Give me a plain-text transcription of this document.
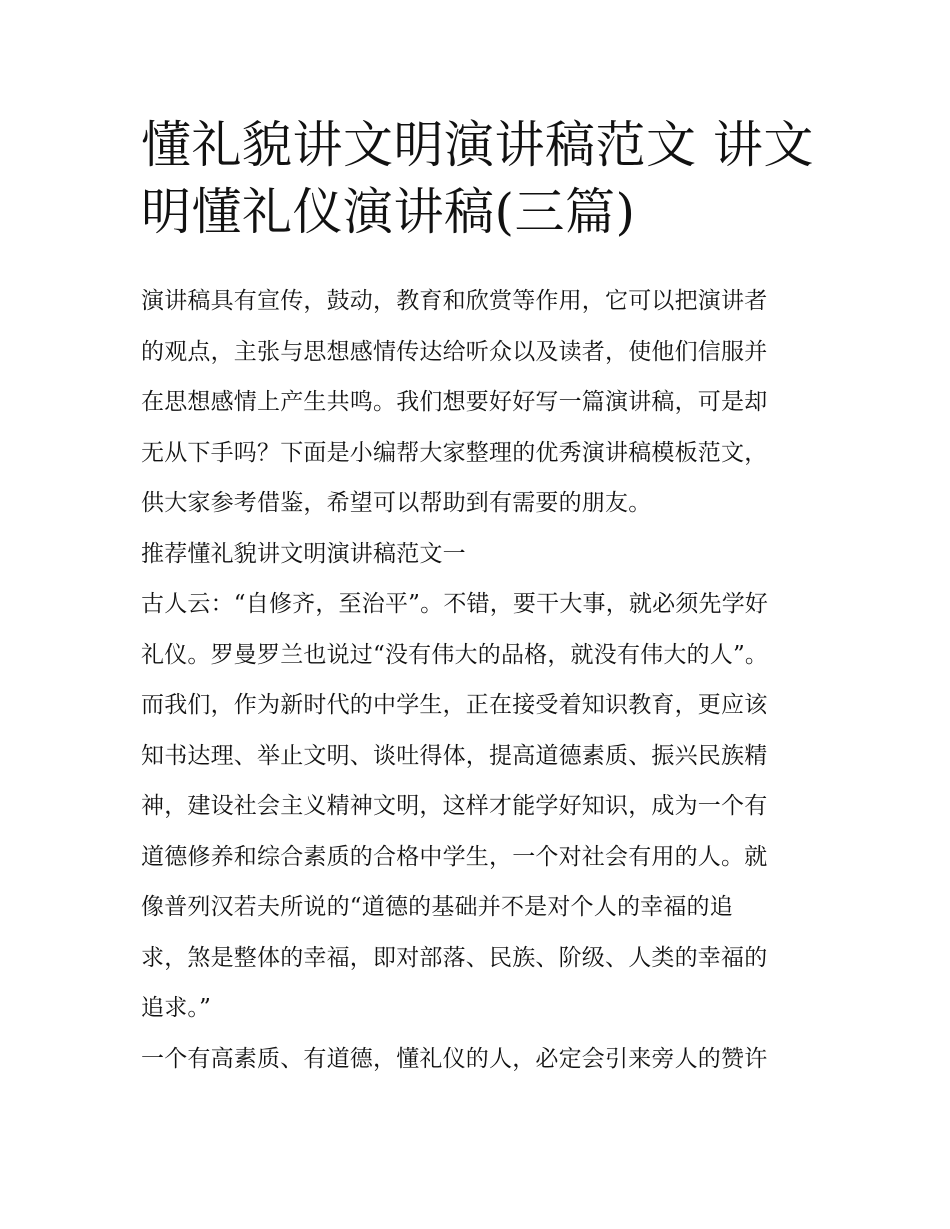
懂礼貌讲文明演讲稿范文 讲文
明懂礼仪演讲稿(三篇)
演讲稿具有宣传，鼓动，教育和欣赏等作用，它可以把演讲者
的观点，主张与思想感情传达给听众以及读者，使他们信服并
在思想感情上产生共鸣。我们想要好好写一篇演讲稿，可是却
无从下手吗？下面是小编帮大家整理的优秀演讲稿模板范文，
供大家参考借鉴，希望可以帮助到有需要的朋友。
推荐懂礼貌讲文明演讲稿范文一
古人云：“自修齐，至治平”。不错，要干大事，就必须先学好
礼仪。罗曼罗兰也说过“没有伟大的品格，就没有伟大的人”。
而我们，作为新时代的中学生，正在接受着知识教育，更应该
知书达理、举止文明、谈吐得体，提高道德素质、振兴民族精
神，建设社会主义精神文明，这样才能学好知识，成为一个有
道德修养和综合素质的合格中学生，一个对社会有用的人。就
像普列汉若夫所说的“道德的基础并不是对个人的幸福的追
求，煞是整体的幸福，即对部落、民族、阶级、人类的幸福的
追求。”
一个有高素质、有道德，懂礼仪的人，必定会引来旁人的赞许
